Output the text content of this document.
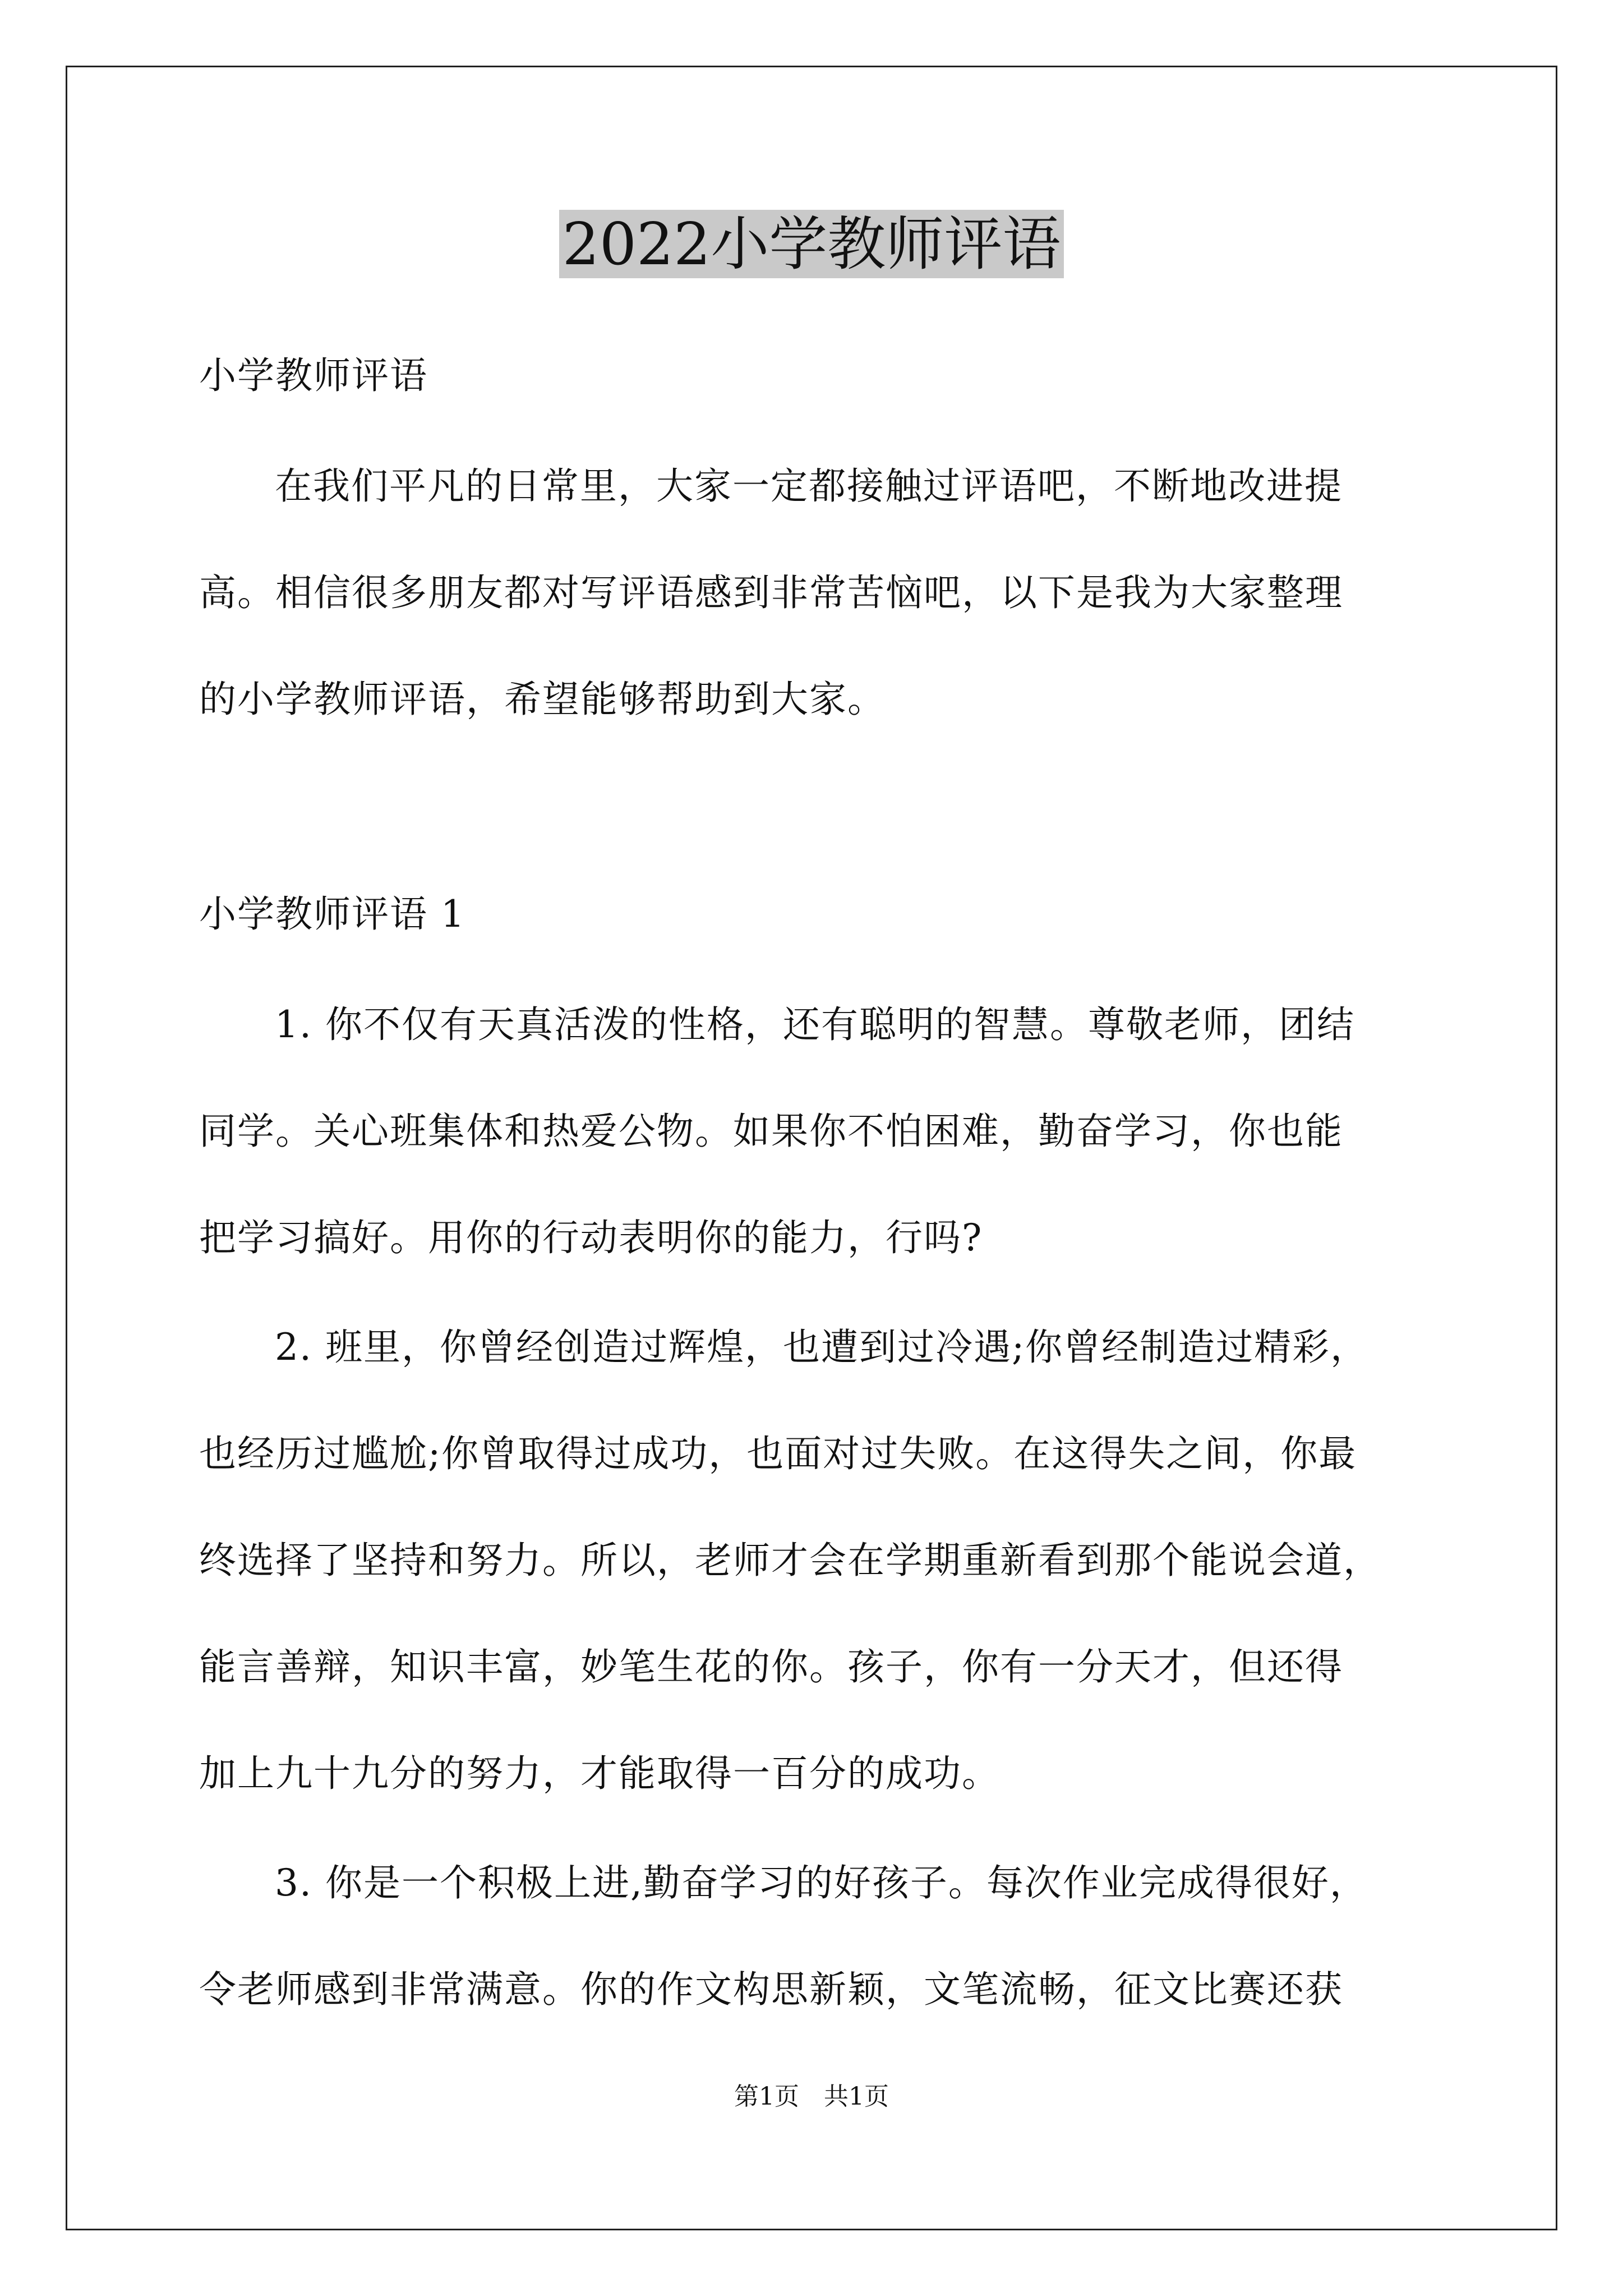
2022小学教师评语
小学教师评语
在我们平凡的日常里，大家一定都接触过评语吧，不断地改进提
高。相信很多朋友都对写评语感到非常苦恼吧，以下是我为大家整理
的小学教师评语，希望能够帮助到大家。
小学教师评语 1
1. 你不仅有天真活泼的性格，还有聪明的智慧。尊敬老师，团结
同学。关心班集体和热爱公物。如果你不怕困难，勤奋学习，你也能
把学习搞好。用你的行动表明你的能力，行吗?
2. 班里，你曾经创造过辉煌，也遭到过冷遇;你曾经制造过精彩，
也经历过尴尬;你曾取得过成功，也面对过失败。在这得失之间，你最
终选择了坚持和努力。所以，老师才会在学期重新看到那个能说会道，
能言善辩，知识丰富，妙笔生花的你。孩子，你有一分天才，但还得
加上九十九分的努力，才能取得一百分的成功。
3. 你是一个积极上进,勤奋学习的好孩子。每次作业完成得很好，
令老师感到非常满意。你的作文构思新颖，文笔流畅，征文比赛还获
第1页　共1页
